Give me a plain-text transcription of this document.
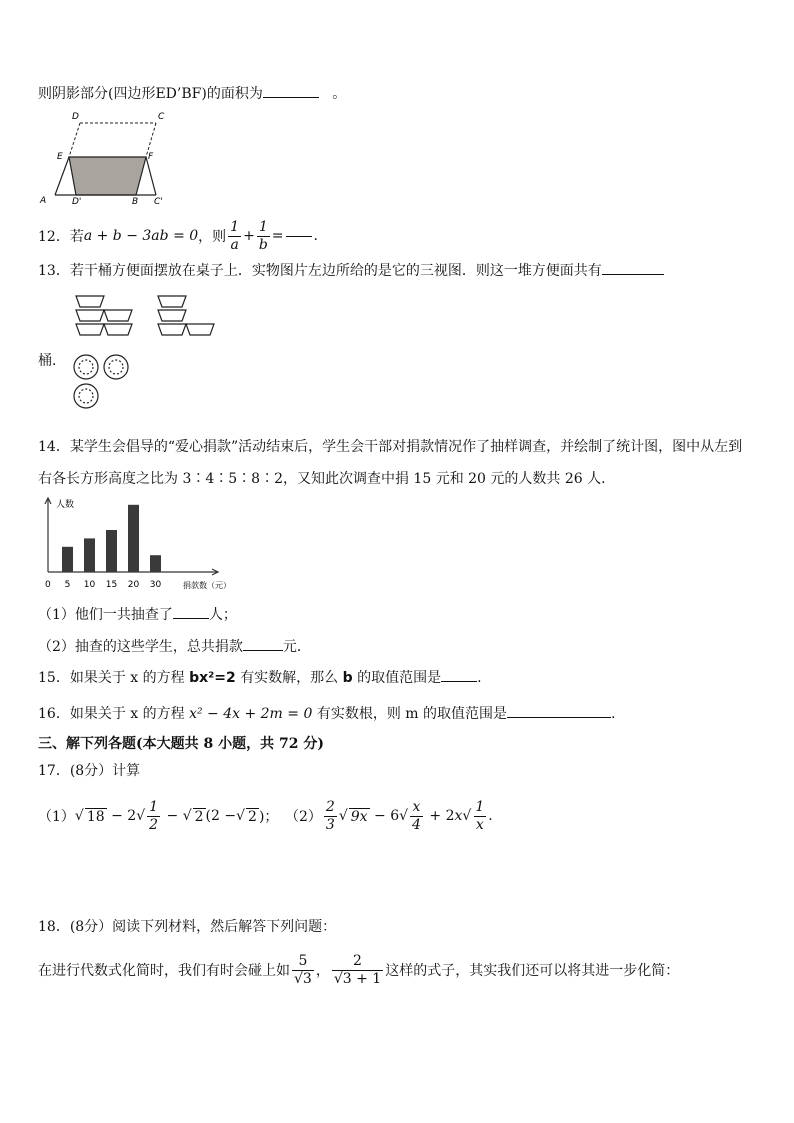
则阴影部分(四边形ED’BF)的面积为	。
D	C
E	F
A	D'	B C'
12．若 a + b − 3ab = 0 ，则 $\frac{1}{a} + \frac{1}{b}$ = .
13．若干桶方便面摆放在桌子上．实物图片左边所给的是它的三视图．则这一堆方便面共有
桶．
14．某学生会倡导的“爱心捐款”活动结束后，学生会干部对捐款情况作了抽样调查，并绘制了统计图，图中从左到
右各长方形高度之比为 3∶4∶5∶8∶2，又知此次调查中捐 15 元和 20 元的人数共 26 人．
人数
捐款数（元）
0 5 10 15 20 30
（1）他们一共抽查了	人；
（2）抽查的这些学生，总共捐款	元．
15．如果关于 x 的方程 bx²=2 有实数解，那么 b 的取值范围是	.
16．如果关于 x 的方程 x² − 4x + 2m = 0 有实数根，则 m 的取值范围是	.
三、解下列各题(本大题共 8 小题，共 72 分)
17．(8分）计算
（1） √ 18 − 2 √ $\frac{1}{2}$ − √ 2 (2 − √ 2 )； $(2) \frac{2}{3}$ √ 9x − 6 √ $\frac{x}{4} + 2$ x √ $\frac{1}{x}$ .
18．(8分）阅读下列材料，然后解答下列问题：
在进行代数式化简时，我们有时会碰上如 $\frac{5}{√3}$ ， $\frac{2}{√3 + 1}$ 这样的式子，其实我们还可以将其进一步化简：
